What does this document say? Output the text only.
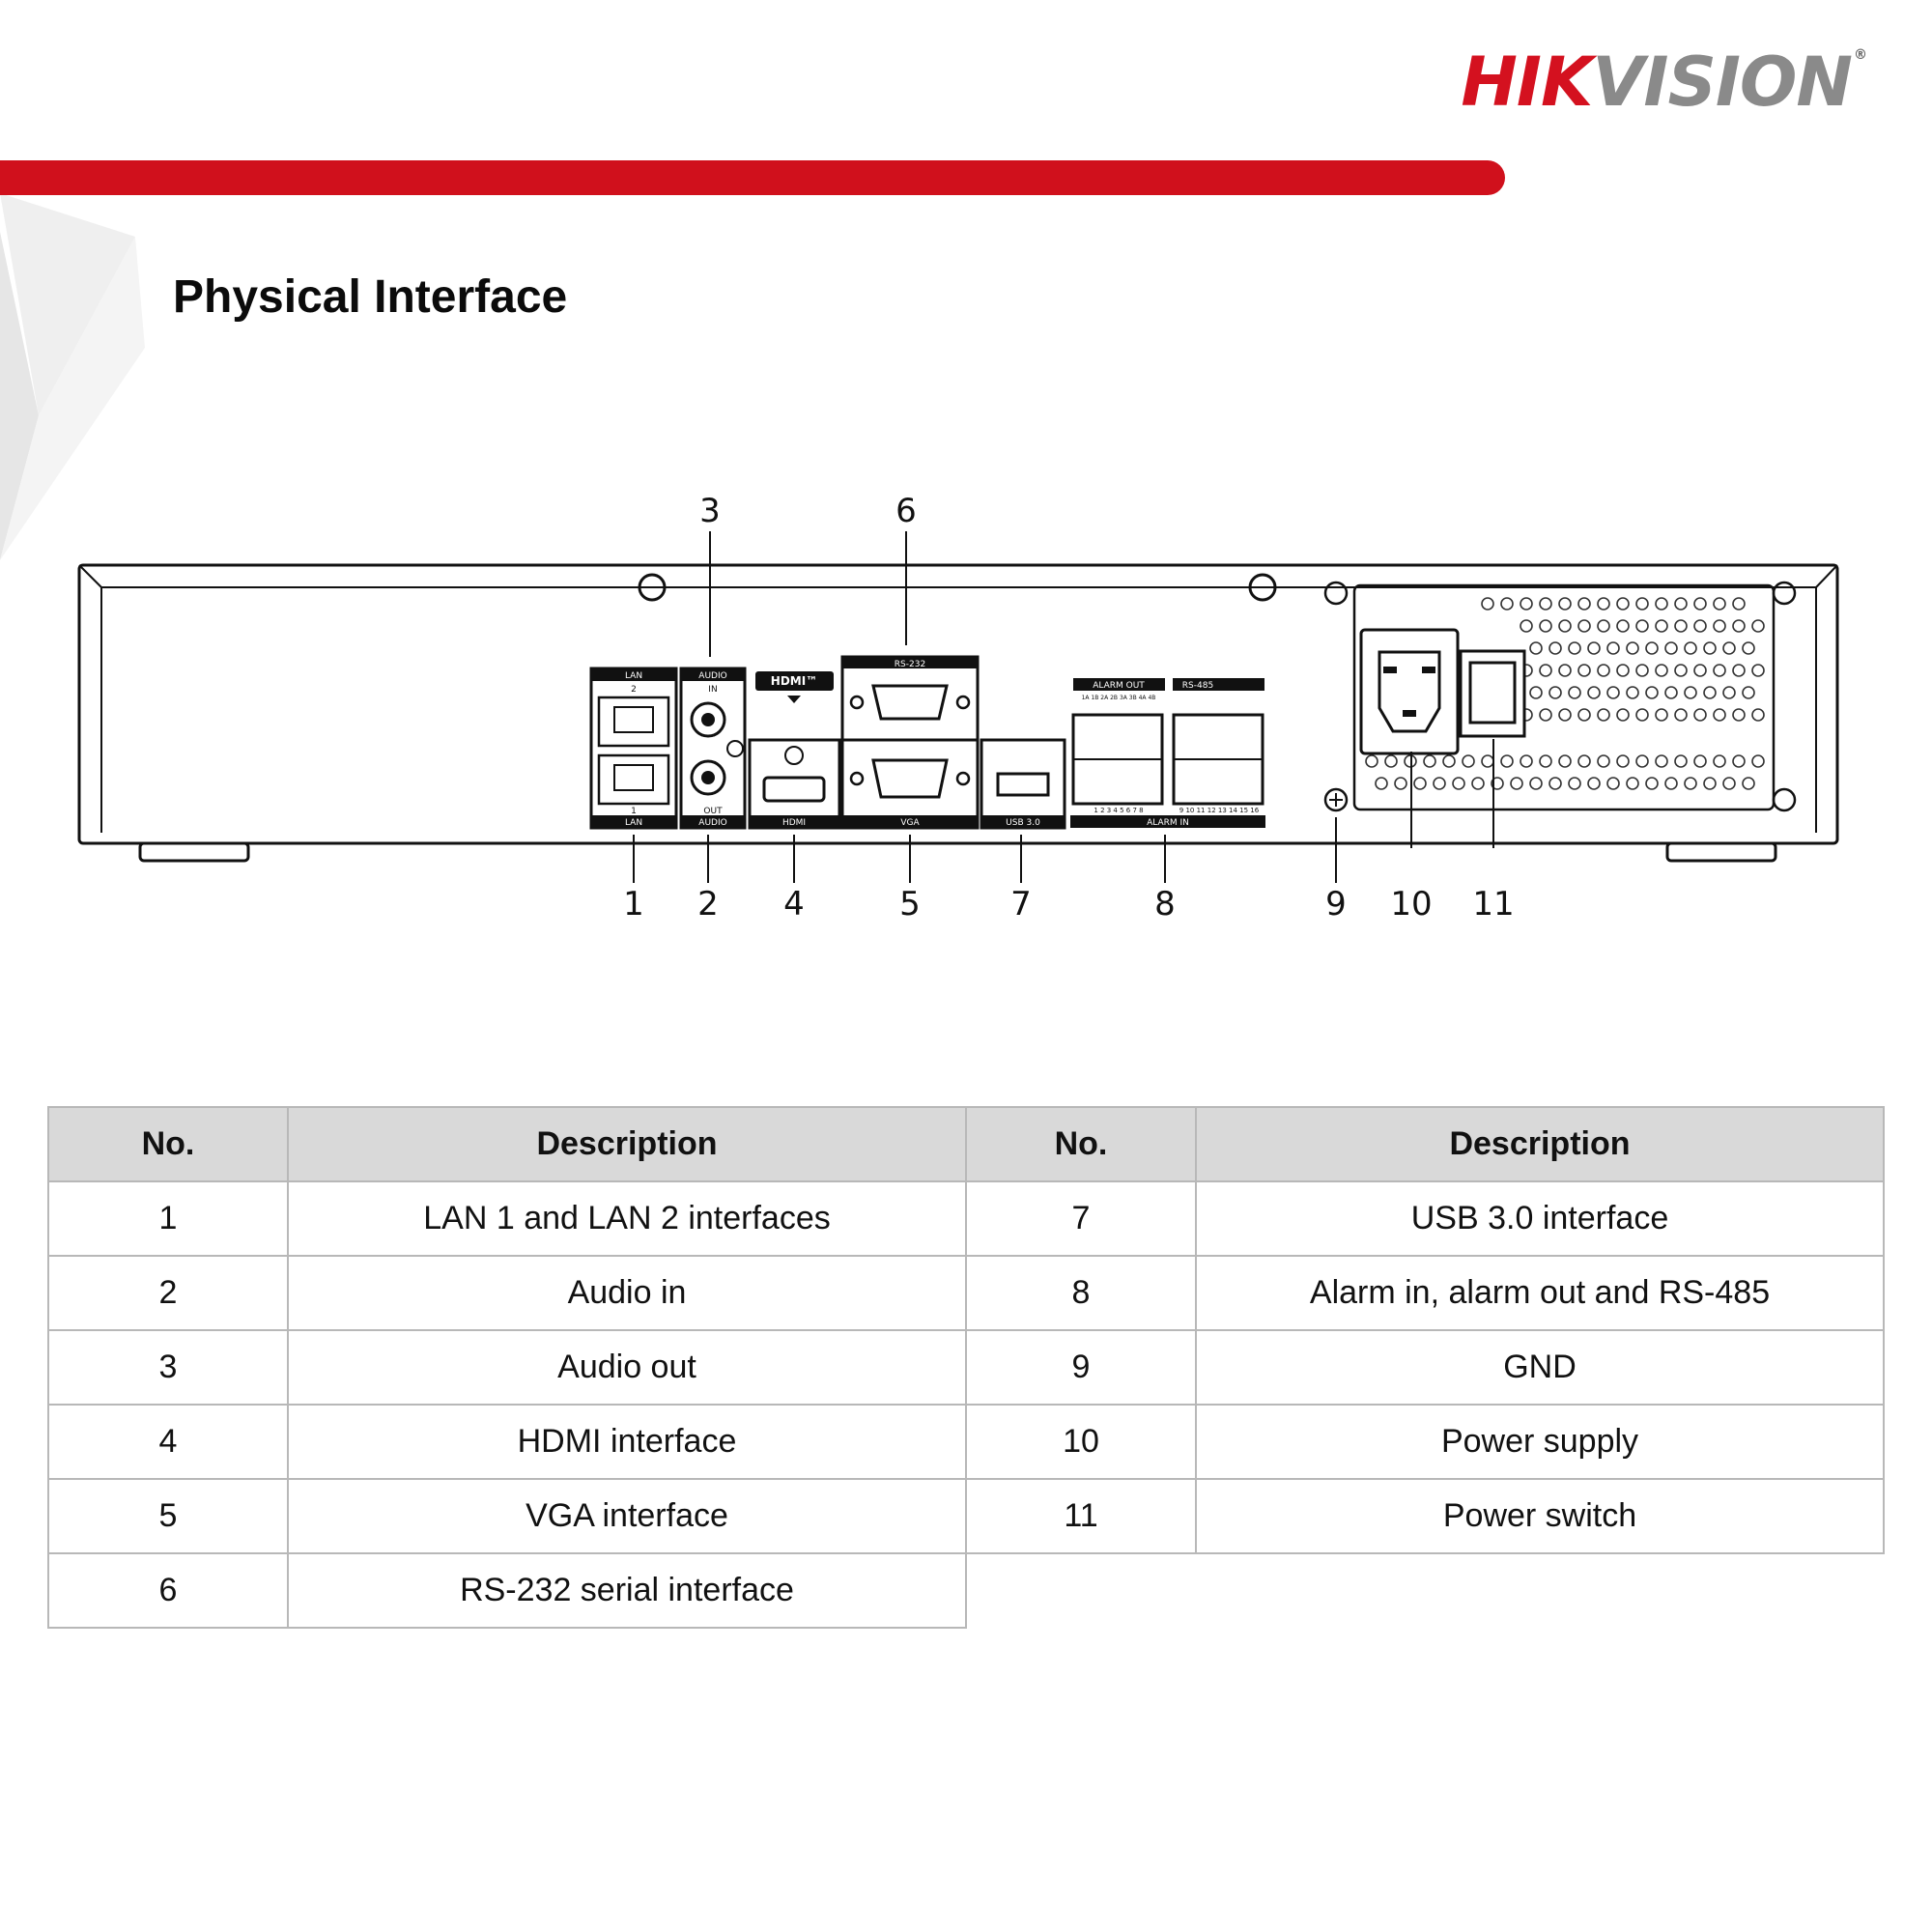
HIKVISION ®
Physical Interface
LAN
2
1
LAN
AUDIO
IN
OUT
AUDIO
HDMI™
HDMI
RS-232
VGA	USB 3.0
ALARM OUT	RS-485
1A 1B 2A 2B 3A 3B 4A 4B
1 2 3 4 5 6 7 8	9 10 11 12 13 14 15 16
ALARM IN
3	6
1 2 4	5	7	8	9 10 11
No.	Description	No.	Description
1	LAN 1 and LAN 2 interfaces	7	USB 3.0 interface
2	Audio in	8	Alarm in, alarm out and RS-485
3	Audio out	9	GND
4	HDMI interface	10	Power supply
5	VGA interface	11	Power switch
6	RS-232 serial interface		
